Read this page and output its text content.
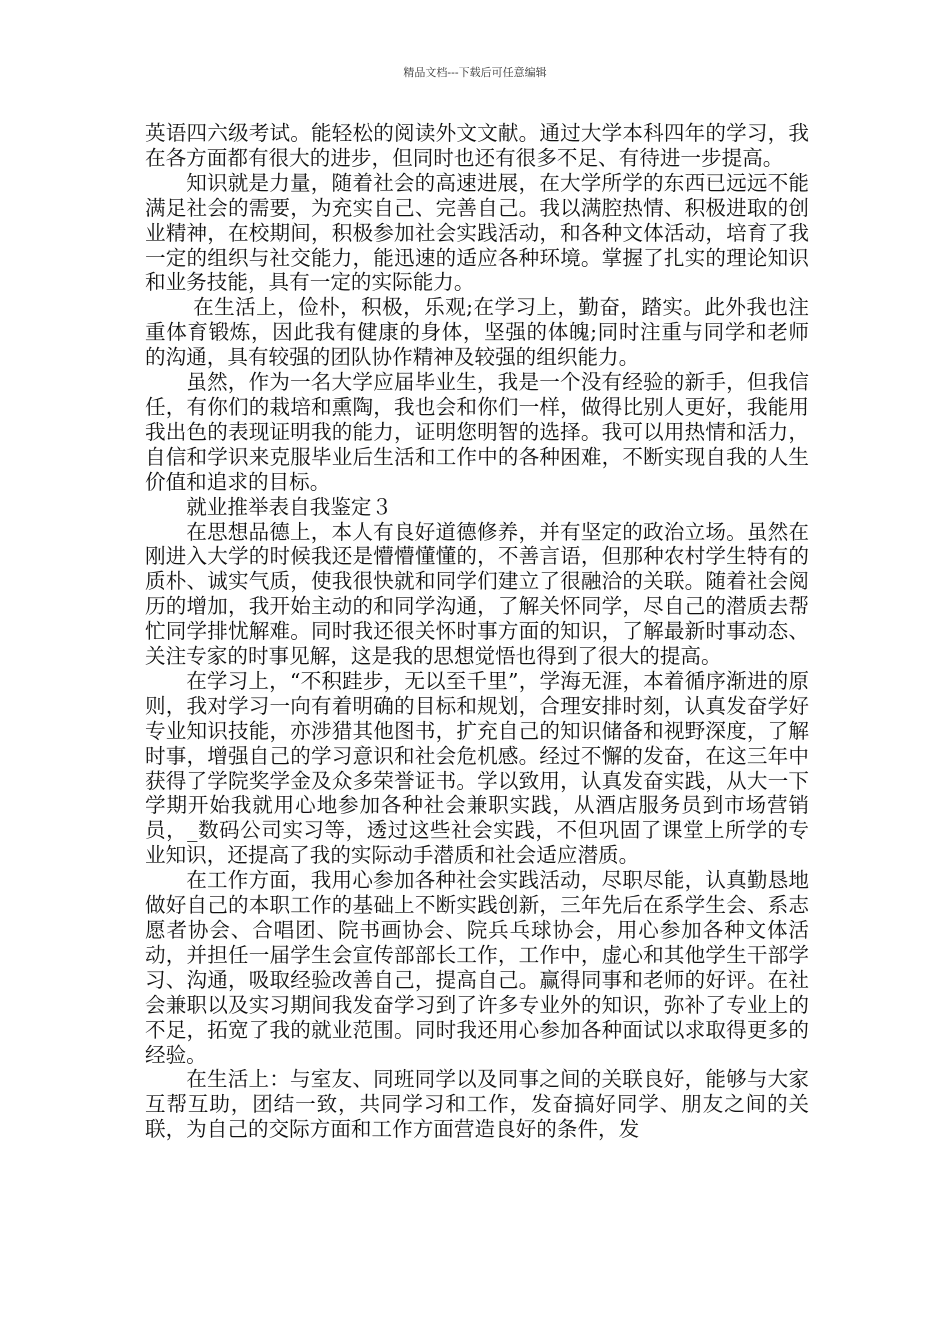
精品文档---下载后可任意编辑

英语四六级考试。能轻松的阅读外文文献。通过大学本科四年的学习，我在各方面都有很大的进步，但同时也还有很多不足、有待进一步提高。

知识就是力量，随着社会的高速进展，在大学所学的东西已远远不能满足社会的需要，为充实自己、完善自己。我以满腔热情、积极进取的创业精神，在校期间，积极参加社会实践活动，和各种文体活动，培育了我一定的组织与社交能力，能迅速的适应各种环境。掌握了扎实的理论知识和业务技能，具有一定的实际能力。

在生活上，俭朴，积极，乐观;在学习上，勤奋，踏实。此外我也注重体育锻炼，因此我有健康的身体，坚强的体魄;同时注重与同学和老师的沟通，具有较强的团队协作精神及较强的组织能力。

虽然，作为一名大学应届毕业生，我是一个没有经验的新手，但我信任，有你们的栽培和熏陶，我也会和你们一样，做得比别人更好，我能用我出色的表现证明我的能力，证明您明智的选择。我可以用热情和活力，自信和学识来克服毕业后生活和工作中的各种困难，不断实现自我的人生价值和追求的目标。

就业推举表自我鉴定３

在思想品德上，本人有良好道德修养，并有坚定的政治立场。虽然在刚进入大学的时候我还是懵懵懂懂的，不善言语，但那种农村学生特有的质朴、诚实气质，使我很快就和同学们建立了很融洽的关联。随着社会阅历的增加，我开始主动的和同学沟通，了解关怀同学，尽自己的潜质去帮忙同学排忧解难。同时我还很关怀时事方面的知识，了解最新时事动态、关注专家的时事见解，这是我的思想觉悟也得到了很大的提高。

在学习上，“不积跬步，无以至千里”，学海无涯，本着循序渐进的原则，我对学习一向有着明确的目标和规划，合理安排时刻，认真发奋学好专业知识技能，亦涉猎其他图书，扩充自己的知识储备和视野深度，了解时事，增强自己的学习意识和社会危机感。经过不懈的发奋，在这三年中获得了学院奖学金及众多荣誉证书。学以致用，认真发奋实践，从大一下学期开始我就用心地参加各种社会兼职实践，从酒店服务员到市场营销员，_数码公司实习等，透过这些社会实践，不但巩固了课堂上所学的专业知识，还提高了我的实际动手潜质和社会适应潜质。

在工作方面，我用心参加各种社会实践活动，尽职尽能，认真勤恳地做好自己的本职工作的基础上不断实践创新，三年先后在系学生会、系志愿者协会、合唱团、院书画协会、院兵乓球协会，用心参加各种文体活动，并担任一届学生会宣传部部长工作，工作中，虚心和其他学生干部学习、沟通，吸取经验改善自己，提高自己。赢得同事和老师的好评。在社会兼职以及实习期间我发奋学习到了许多专业外的知识，弥补了专业上的不足，拓宽了我的就业范围。同时我还用心参加各种面试以求取得更多的经验。

在生活上：与室友、同班同学以及同事之间的关联良好，能够与大家互帮互助，团结一致，共同学习和工作，发奋搞好同学、朋友之间的关联，为自己的交际方面和工作方面营造良好的条件，发
